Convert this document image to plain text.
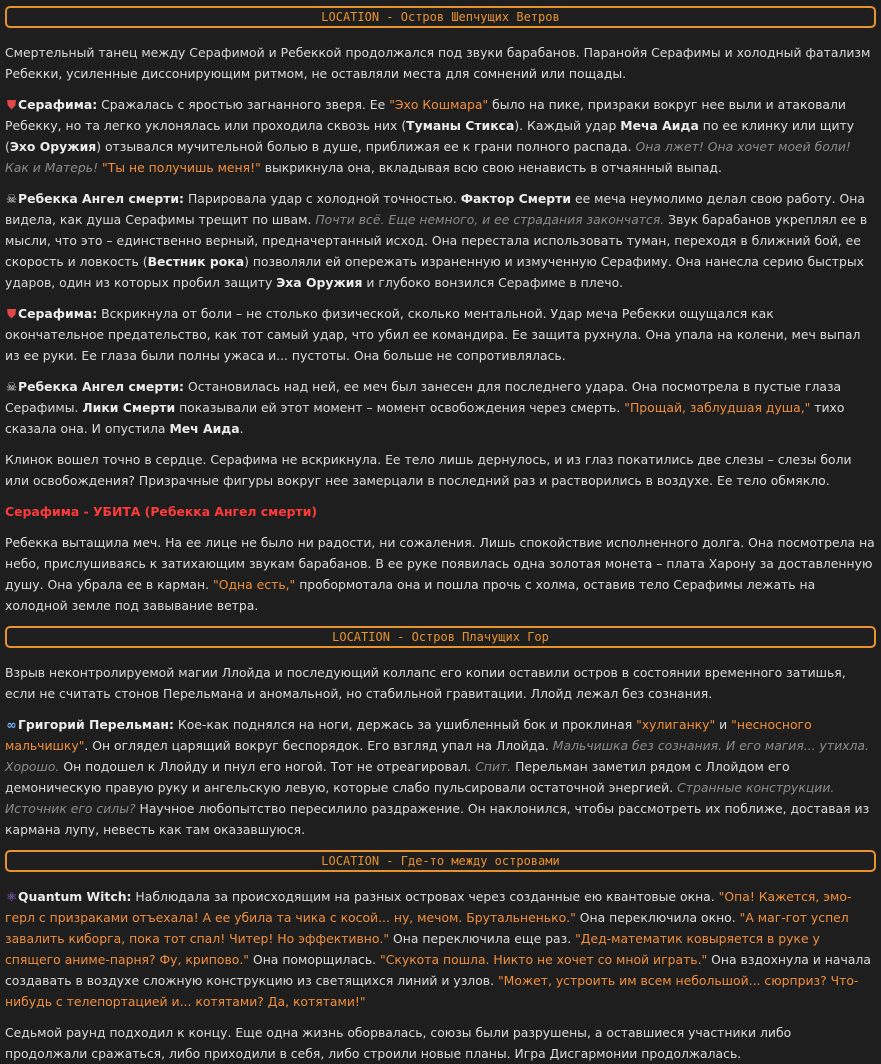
LOCATION - Остров Шепчущих Ветров

Смертельный танец между Серафимой и Ребеккой продолжался под звуки барабанов. Паранойя Серафимы и холодный фатализм Ребекки, усиленные диссонирующим ритмом, не оставляли места для сомнений или пощады.

⛊ Серафима: Сражалась с яростью загнанного зверя. Ее "Эхо Кошмара" было на пике, призраки вокруг нее выли и атаковали Ребекку, но та легко уклонялась или проходила сквозь них (Туманы Стикса). Каждый удар Меча Аида по ее клинку или щиту (Эхо Оружия) отзывался мучительной болью в душе, приближая ее к грани полного распада. Она лжет! Она хочет моей боли! Как и Матерь! "Ты не получишь меня!" выкрикнула она, вкладывая всю свою ненависть в отчаянный выпад.

☠Ребекка Ангел смерти: Парировала удар с холодной точностью. Фактор Смерти ее меча неумолимо делал свою работу. Она видела, как душа Серафимы трещит по швам. Почти всё. Еще немного, и ее страдания закончатся. Звук барабанов укреплял ее в мысли, что это – единственно верный, предначертанный исход. Она перестала использовать туман, переходя в ближний бой, ее скорость и ловкость (Вестник рока) позволяли ей опережать израненную и измученную Серафиму. Она нанесла серию быстрых ударов, один из которых пробил защиту Эха Оружия и глубоко вонзился Серафиме в плечо.

⛊ Серафима: Вскрикнула от боли – не столько физической, сколько ментальной. Удар меча Ребекки ощущался как окончательное предательство, как тот самый удар, что убил ее командира. Ее защита рухнула. Она упала на колени, меч выпал из ее руки. Ее глаза были полны ужаса и... пустоты. Она больше не сопротивлялась.

☠Ребекка Ангел смерти: Остановилась над ней, ее меч был занесен для последнего удара. Она посмотрела в пустые глаза Серафимы. Лики Смерти показывали ей этот момент – момент освобождения через смерть. "Прощай, заблудшая душа," тихо сказала она. И опустила Меч Аида.

Клинок вошел точно в сердце. Серафима не вскрикнула. Ее тело лишь дернулось, и из глаз покатились две слезы – слезы боли или освобождения? Призрачные фигуры вокруг нее замерцали в последний раз и растворились в воздухе. Ее тело обмякло.

Серафима - УБИТА (Ребекка Ангел смерти)

Ребекка вытащила меч. На ее лице не было ни радости, ни сожаления. Лишь спокойствие исполненного долга. Она посмотрела на небо, прислушиваясь к затихающим звукам барабанов. В ее руке появилась одна золотая монета – плата Харону за доставленную душу. Она убрала ее в карман. "Одна есть," пробормотала она и пошла прочь с холма, оставив тело Серафимы лежать на холодной земле под завывание ветра.

LOCATION - Остров Плачущих Гор

Взрыв неконтролируемой магии Ллойда и последующий коллапс его копии оставили остров в состоянии временного затишья, если не считать стонов Перельмана и аномальной, но стабильной гравитации. Ллойд лежал без сознания.

∞Григорий Перельман: Кое-как поднялся на ноги, держась за ушибленный бок и проклиная "хулиганку" и "несносного мальчишку". Он оглядел царящий вокруг беспорядок. Его взгляд упал на Ллойда. Мальчишка без сознания. И его магия... утихла. Хорошо. Он подошел к Ллойду и пнул его ногой. Тот не отреагировал. Спит. Перельман заметил рядом с Ллойдом его демоническую правую руку и ангельскую левую, которые слабо пульсировали остаточной энергией. Странные конструкции. Источник его силы? Научное любопытство пересилило раздражение. Он наклонился, чтобы рассмотреть их поближе, доставая из кармана лупу, невесть как там оказавшуюся.

LOCATION - Где-то между островами

⚛Quantum Witch: Наблюдала за происходящим на разных островах через созданные ею квантовые окна. "Опа! Кажется, эмо-герл с призраками отъехала! А ее убила та чика с косой... ну, мечом. Брутальненько." Она переключила окно. "А маг-гот успел завалить киборга, пока тот спал! Читер! Но эффективно." Она переключила еще раз. "Дед-математик ковыряется в руке у спящего аниме-парня? Фу, крипово." Она поморщилась. "Скукота пошла. Никто не хочет со мной играть." Она вздохнула и начала создавать в воздухе сложную конструкцию из светящихся линий и узлов. "Может, устроить им всем небольшой... сюрприз? Что-нибудь с телепортацией и... котятами? Да, котятами!"

Седьмой раунд подходил к концу. Еще одна жизнь оборвалась, союзы были разрушены, а оставшиеся участники либо продолжали сражаться, либо приходили в себя, либо строили новые планы. Игра Дисгармонии продолжалась.
